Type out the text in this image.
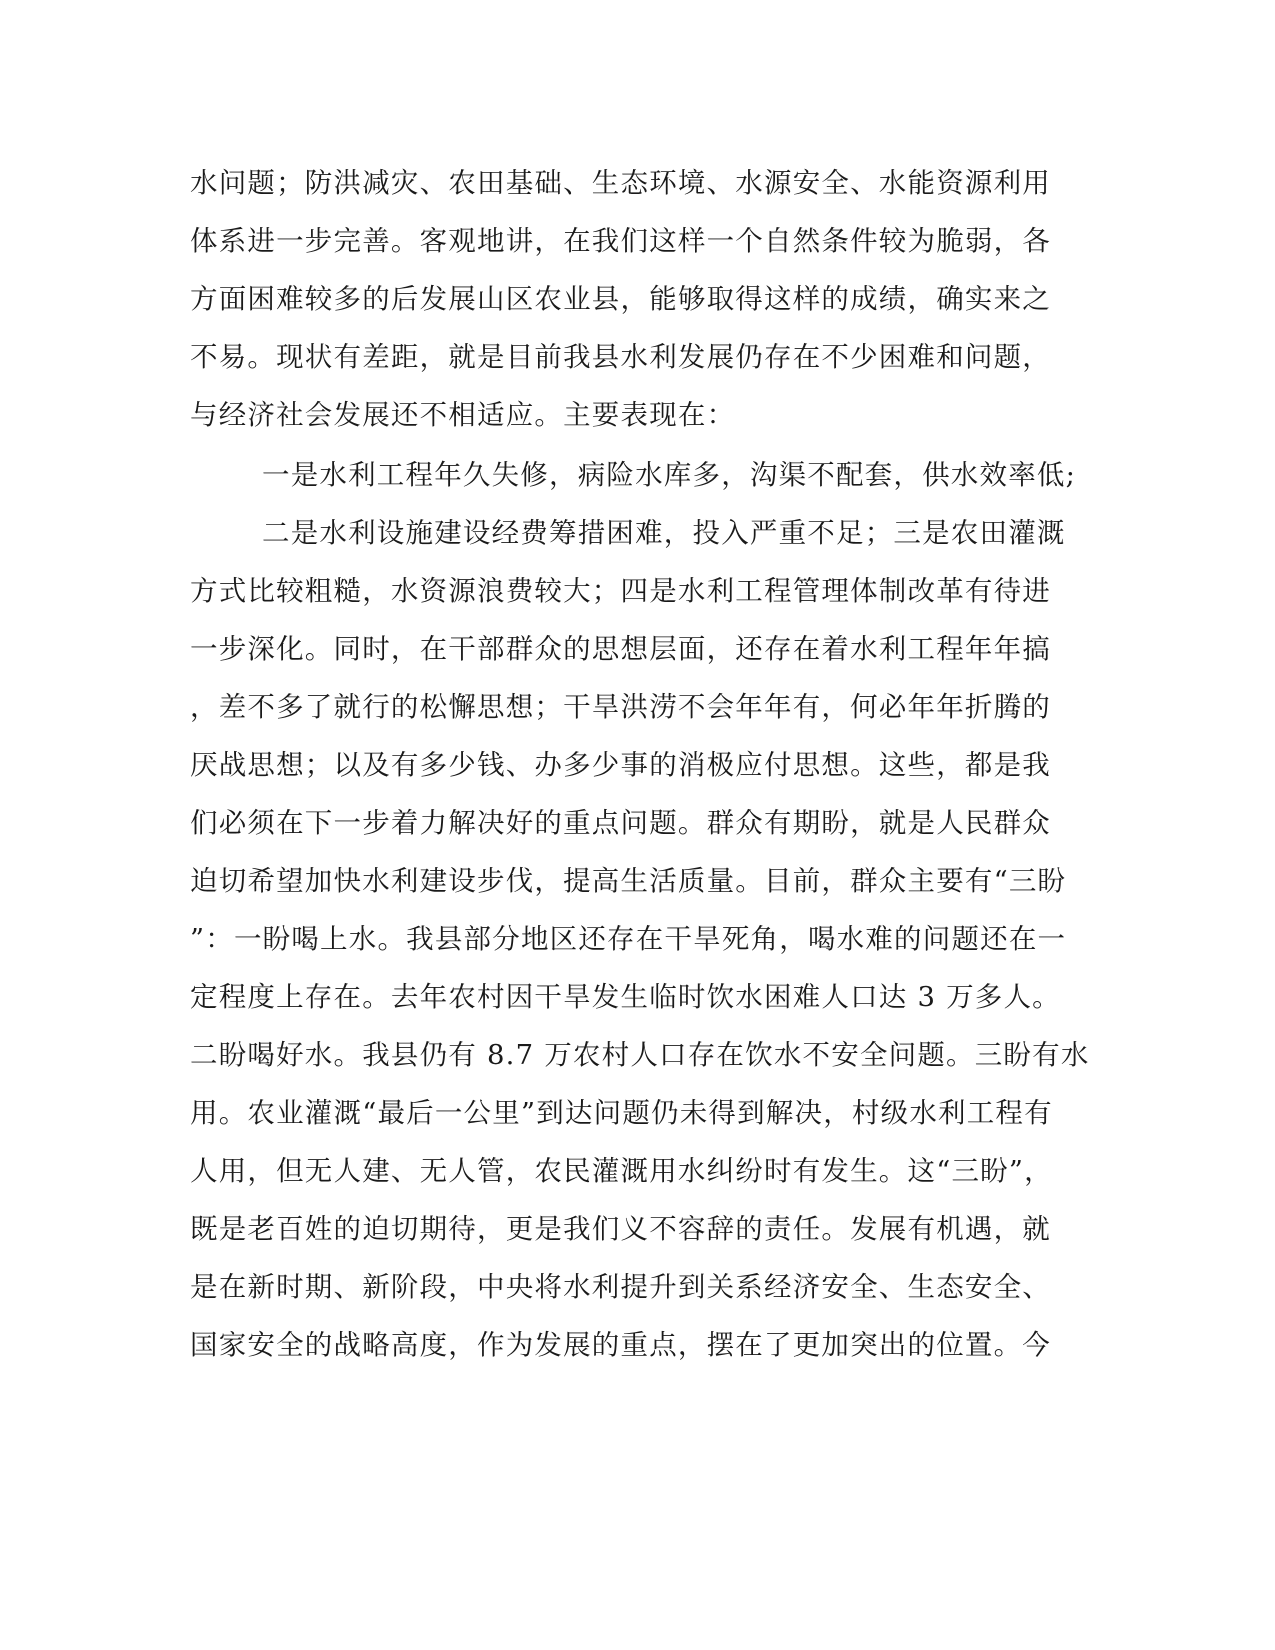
水问题；防洪减灾、农田基础、生态环境、水源安全、水能资源利用

体系进一步完善。客观地讲，在我们这样一个自然条件较为脆弱，各

方面困难较多的后发展山区农业县，能够取得这样的成绩，确实来之

不易。现状有差距，就是目前我县水利发展仍存在不少困难和问题，

与经济社会发展还不相适应。主要表现在：

一是水利工程年久失修，病险水库多，沟渠不配套，供水效率低;

二是水利设施建设经费筹措困难，投入严重不足；三是农田灌溉

方式比较粗糙，水资源浪费较大；四是水利工程管理体制改革有待进

一步深化。同时，在干部群众的思想层面，还存在着水利工程年年搞

，差不多了就行的松懈思想；干旱洪涝不会年年有，何必年年折腾的

厌战思想；以及有多少钱、办多少事的消极应付思想。这些，都是我

们必须在下一步着力解决好的重点问题。群众有期盼，就是人民群众

迫切希望加快水利建设步伐，提高生活质量。目前，群众主要有“三盼

”：一盼喝上水。我县部分地区还存在干旱死角，喝水难的问题还在一

定程度上存在。去年农村因干旱发生临时饮水困难人口达 3 万多人。

二盼喝好水。我县仍有 8.7 万农村人口存在饮水不安全问题。三盼有水

用。农业灌溉“最后一公里”到达问题仍未得到解决，村级水利工程有

人用，但无人建、无人管，农民灌溉用水纠纷时有发生。这“三盼”，

既是老百姓的迫切期待，更是我们义不容辞的责任。发展有机遇，就

是在新时期、新阶段，中央将水利提升到关系经济安全、生态安全、

国家安全的战略高度，作为发展的重点，摆在了更加突出的位置。今
